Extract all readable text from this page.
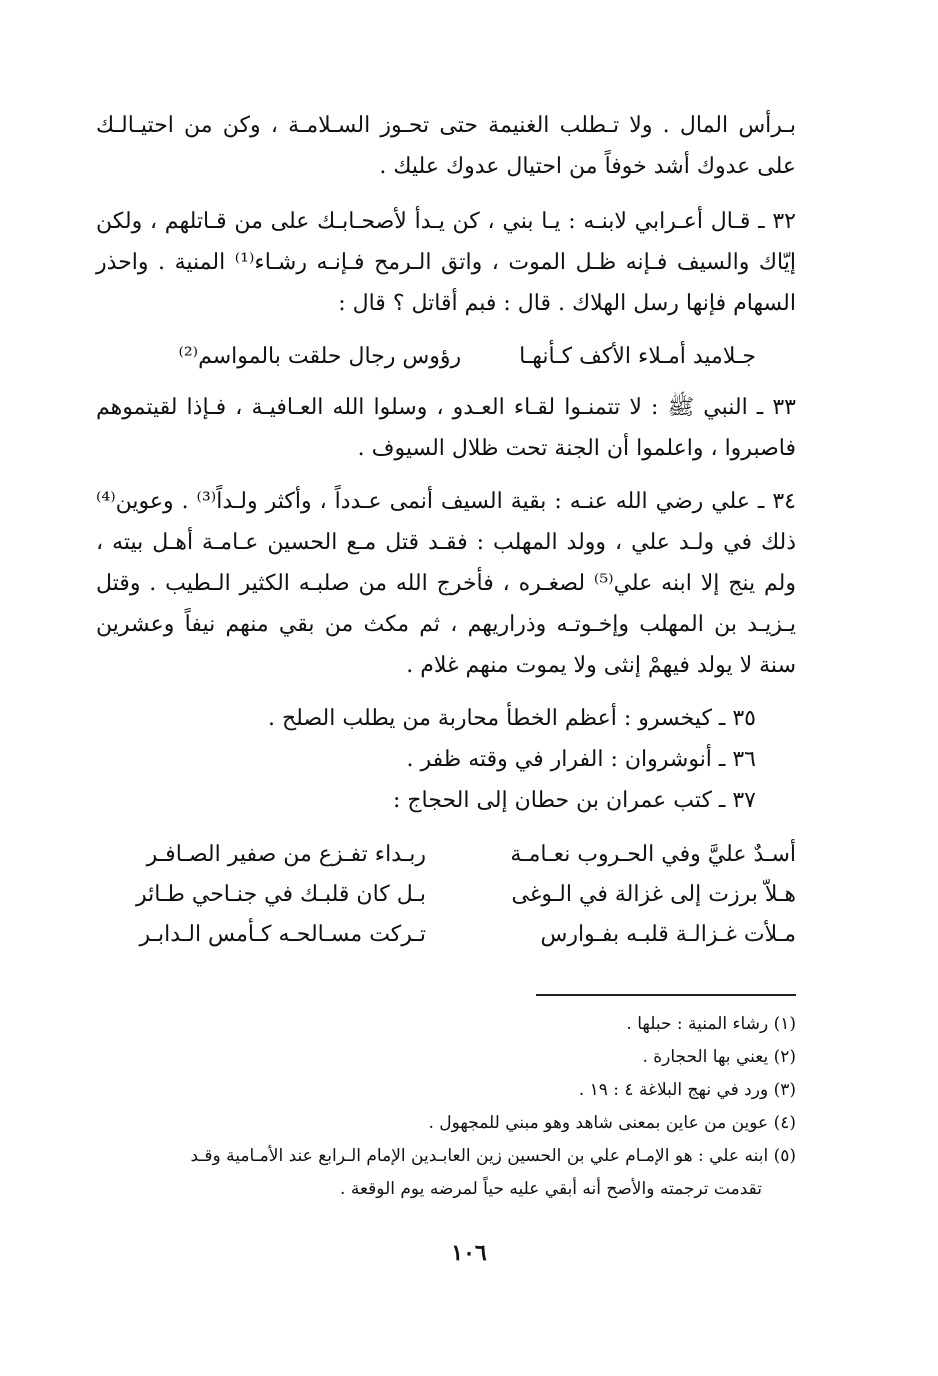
بـرأس المال . ولا تـطلب الغنيمة حتى تحـوز السـلامـة ، وكن من احتيـالـك على عدوك أشد خوفاً من احتيال عدوك عليك .

٣٢ ـ قـال أعـرابي لابنـه : يـا بني ، كن يـدأ لأصحـابـك على من قـاتلهم ، ولكن إيّاك والسيف فـإنه ظـل الموت ، واتق الـرمح فـإنـه رشـاء⁽¹⁾ المنية . واحذر السهام فإنها رسل الهلاك . قال : فبم أقاتل ؟ قال :

جـلاميد أمـلاء الأكف كـأنهـا
رؤوس رجال حلقت بالمواسم⁽²⁾

٣٣ ـ النبي ﷺ : لا تتمنـوا لقـاء العـدو ، وسلوا الله العـافيـة ، فـإذا لقيتموهم فاصبروا ، واعلموا أن الجنة تحت ظلال السيوف .

٣٤ ـ علي رضي الله عنـه : بقية السيف أنمى عـدداً ، وأكثر ولـداً⁽³⁾ . وعوين⁽⁴⁾ ذلك في ولـد علي ، وولد المهلب : فقـد قتل مـع الحسين عـامـة أهـل بيته ، ولم ينج إلا ابنه علي⁽⁵⁾ لصغـره ، فأخرج الله من صلبـه الكثير الـطيب . وقتل يـزيـد بن المهلب وإخـوتـه وذراريهم ، ثم مكث من بقي منهم نيفاً وعشرين سنة لا يولد فيهمْ إنثى ولا يموت منهم غلام .

٣٥ ـ كيخسرو : أعظم الخطأ محاربة من يطلب الصلح .

٣٦ ـ أنوشروان : الفرار في وقته ظفر .

٣٧ ـ كتب عمران بن حطان إلى الحجاج :

أسـدٌ عليَّ وفي الحـروب نعـامـة
ربـداء تفـزع من صفير الصـافـر
هـلاّ برزت إلى غزالة في الـوغى
بـل كان قلبـك في جنـاحي طـائر
مـلأت غـزالـة قلبـه بفـوارس
تـركت مسـالحـه كـأمس الـدابـر

(١) رشاء المنية : حبلها .

(٢) يعني بها الحجارة .

(٣) ورد في نهج البلاغة ٤ : ١٩ .

(٤) عوين من عاين بمعنى شاهد وهو مبني للمجهول .

(٥) ابنه علي : هو الإمـام علي بن الحسين زين العابـدين الإمام الـرابع عند الأمـامية وقـد
تقدمت ترجمته والأصح أنه أبقي عليه حياً لمرضه يوم الوقعة .

١٠٦
